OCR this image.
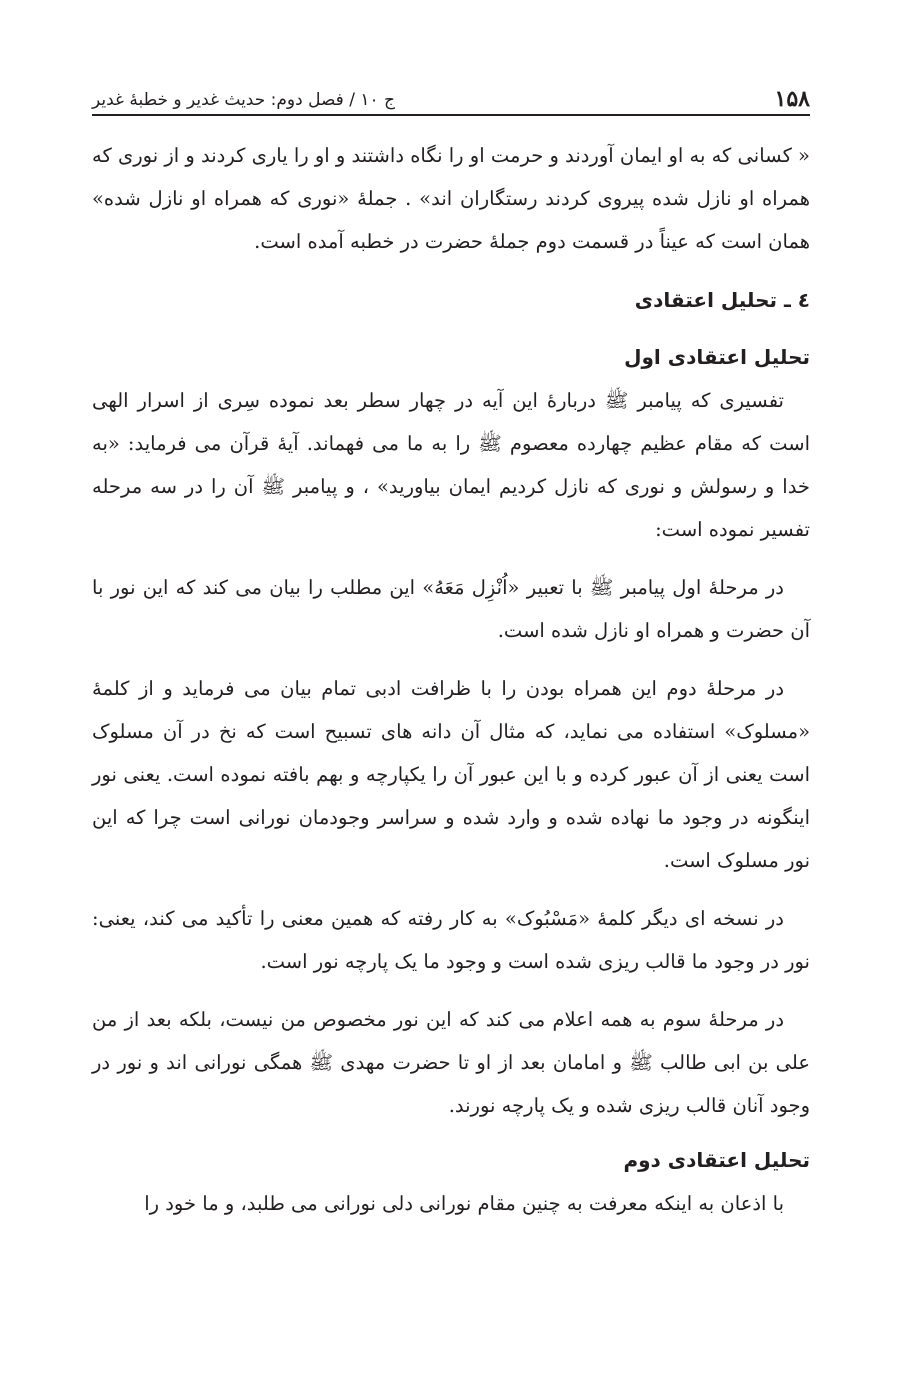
۱۵۸
ج ۱۰ / فصل دوم: حدیث غدیر و خطبۀ غدیر

« کسانی که به او ایمان آوردند و حرمت او را نگاه داشتند و او را یاری کردند و از نوری که همراه او نازل شده پیروی کردند رستگاران اند» . جملۀ «نوری که همراه او نازل شده» همان است که عیناً در قسمت دوم جملۀ حضرت در خطبه آمده است.

٤ ـ تحلیل اعتقادی
تحلیل اعتقادی اول

تفسیری که پیامبر ﷺ دربارۀ این آیه در چهار سطر بعد نموده سِری از اسرار الهی است که مقام عظیم چهارده معصوم ﷺ را به ما می فهماند. آیۀ قرآن می فرماید: «به خدا و رسولش و نوری که نازل کردیم ایمان بیاورید» ، و پیامبر ﷺ آن را در سه مرحله تفسیر نموده است:

در مرحلۀ اول پیامبر ﷺ با تعبیر «اُنْزِل مَعَهُ» این مطلب را بیان می کند که این نور با آن حضرت و همراه او نازل شده است.

در مرحلۀ دوم این همراه بودن را با ظرافت ادبی تمام بیان می فرماید و از کلمۀ «مسلوک» استفاده می نماید، که مثال آن دانه های تسبیح است که نخ در آن مسلوک است یعنی از آن عبور کرده و با این عبور آن را یکپارچه و بهم بافته نموده است. یعنی نور اینگونه در وجود ما نهاده شده و وارد شده و سراسر وجودمان نورانی است چرا که این نور مسلوک است.

در نسخه ای دیگر کلمۀ «مَسْبُوک» به کار رفته که همین معنی را تأکید می کند، یعنی: نور در وجود ما قالب ریزی شده است و وجود ما یک پارچه نور است.

در مرحلۀ سوم به همه اعلام می کند که این نور مخصوص من نیست، بلکه بعد از من علی بن ابی طالب ﷺ و امامان بعد از او تا حضرت مهدی ﷺ همگی نورانی اند و نور در وجود آنان قالب ریزی شده و یک پارچه نورند.

تحلیل اعتقادی دوم

با اذعان به اینکه معرفت به چنین مقام نورانی دلی نورانی می طلبد، و ما خود را
